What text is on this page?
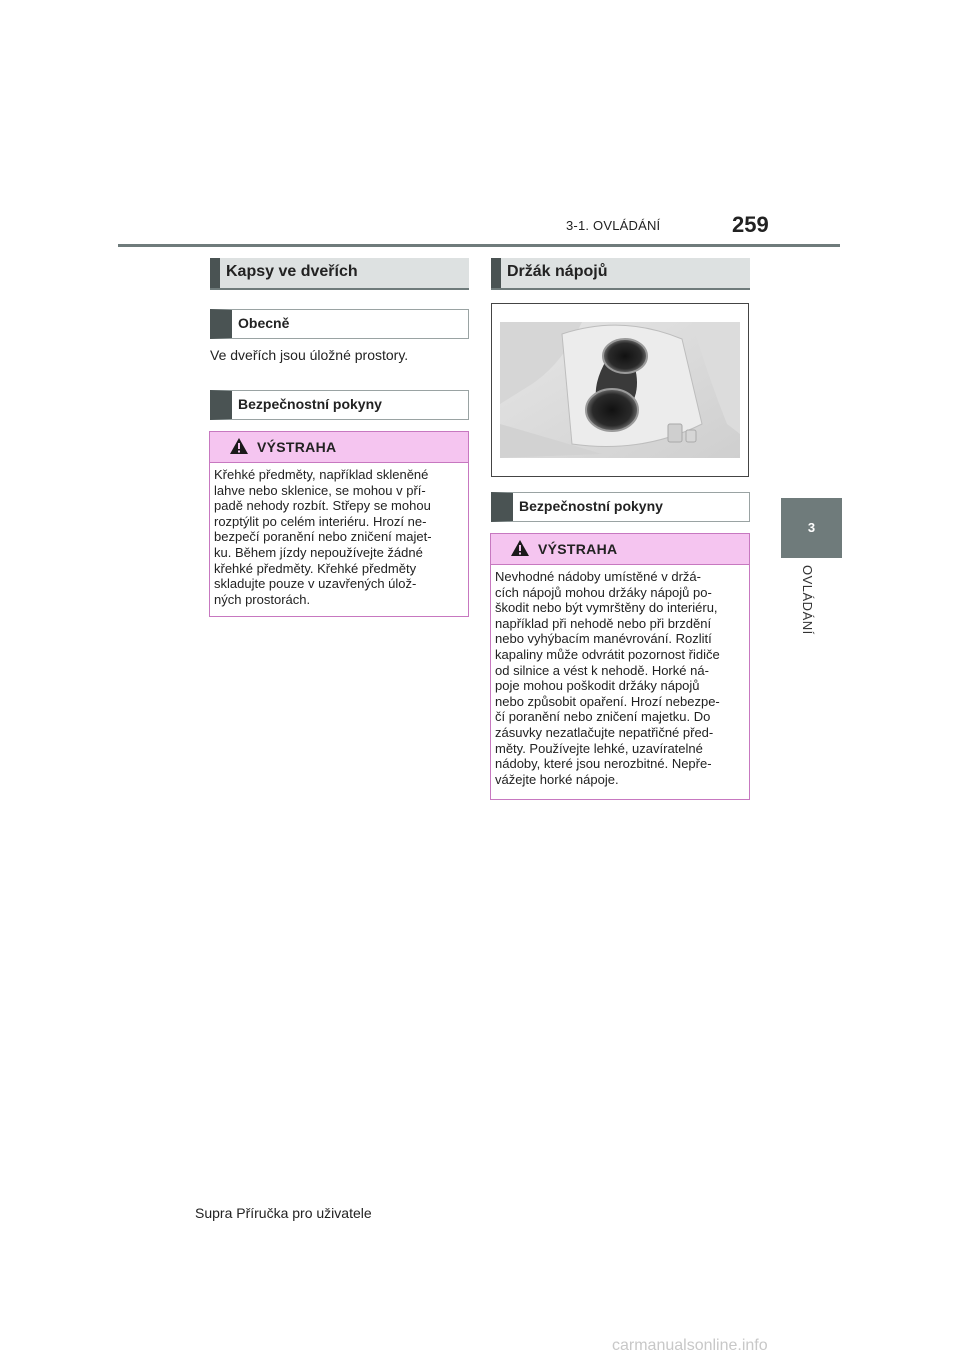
3-1. OVLÁDÁNÍ	259
3
OVLÁDÁNÍ
Kapsy ve dveřích
Obecně
Ve dveřích jsou úložné prostory.
Bezpečnostní pokyny
VÝSTRAHA
Křehké předměty, například skleněné
lahve nebo sklenice, se mohou v pří-
padě nehody rozbít. Střepy se mohou
rozptýlit po celém interiéru. Hrozí ne-
bezpečí poranění nebo zničení majet-
ku. Během jízdy nepoužívejte žádné
křehké předměty. Křehké předměty
skladujte pouze v uzavřených úlož-
ných prostorách.
Držák nápojů
Bezpečnostní pokyny
VÝSTRAHA
Nevhodné nádoby umístěné v držá-
cích nápojů mohou držáky nápojů po-
škodit nebo být vymrštěny do interiéru,
například při nehodě nebo při brzdění
nebo vyhýbacím manévrování. Rozlití
kapaliny může odvrátit pozornost řidiče
od silnice a vést k nehodě. Horké ná-
poje mohou poškodit držáky nápojů
nebo způsobit opaření. Hrozí nebezpe-
čí poranění nebo zničení majetku. Do
zásuvky nezatlačujte nepatřičné před-
měty. Používejte lehké, uzavíratelné
nádoby, které jsou nerozbitné. Nepře-
vážejte horké nápoje.
Supra Příručka pro uživatele
carmanualsonline.info
